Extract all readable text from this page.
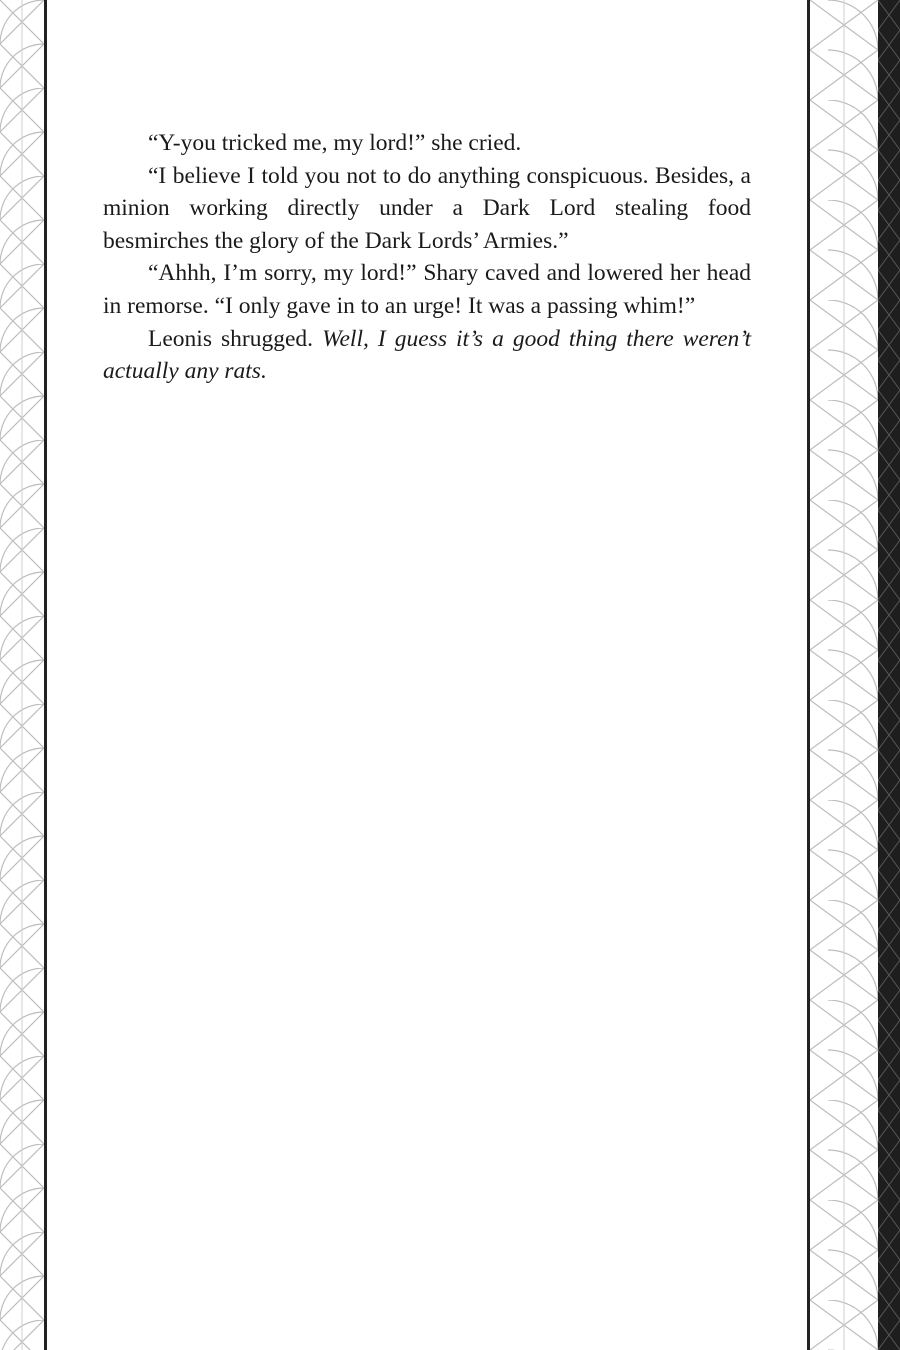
“Y-you tricked me, my lord!” she cried.

“I believe I told you not to do anything conspicuous. Besides, a minion working directly under a Dark Lord stealing food besmirches the glory of the Dark Lords’ Armies.”

“Ahhh, I’m sorry, my lord!” Shary caved and lowered her head in remorse. “I only gave in to an urge! It was a passing whim!”

Leonis shrugged. Well, I guess it’s a good thing there weren’t actually any rats.
